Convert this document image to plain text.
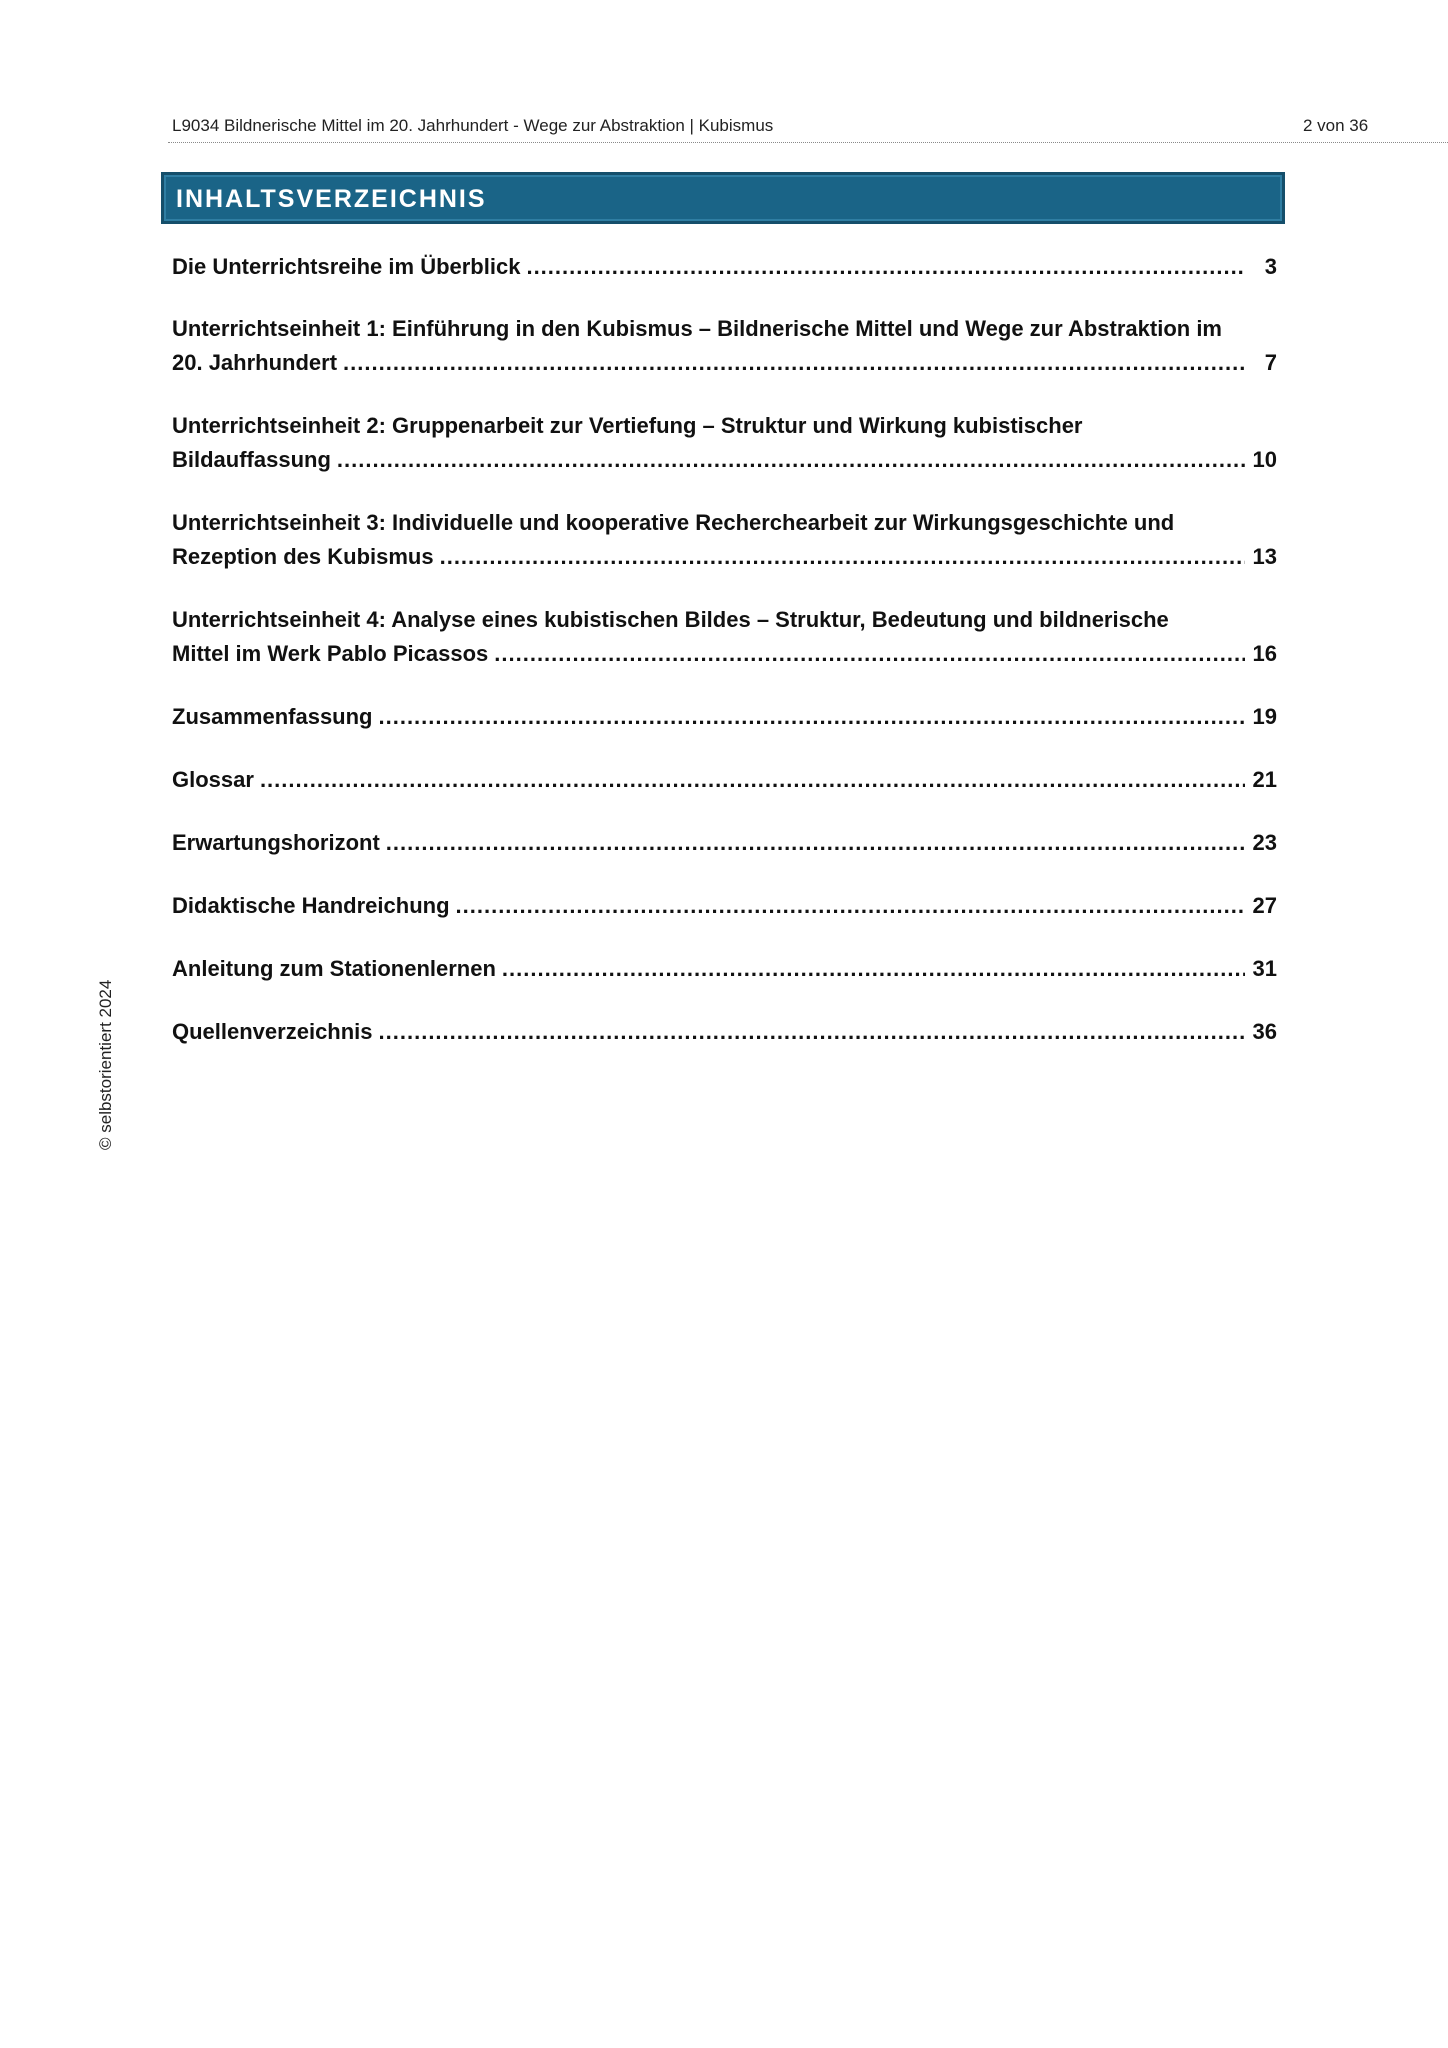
L9034 Bildnerische Mittel im 20. Jahrhundert - Wege zur Abstraktion | Kubismus	2 von 36
INHALTSVERZEICHNIS
Die Unterrichtsreihe im Überblick .....	3
Unterrichtseinheit 1: Einführung in den Kubismus – Bildnerische Mittel und Wege zur Abstraktion im
20. Jahrhundert .....	7
Unterrichtseinheit 2: Gruppenarbeit zur Vertiefung – Struktur und Wirkung kubistischer
Bildauffassung .....	10
Unterrichtseinheit 3: Individuelle und kooperative Recherchearbeit zur Wirkungsgeschichte und
Rezeption des Kubismus .....	13
Unterrichtseinheit 4: Analyse eines kubistischen Bildes – Struktur, Bedeutung und bildnerische
Mittel im Werk Pablo Picassos .....	16
Zusammenfassung .....	19
Glossar .....	21
Erwartungshorizont .....	23
Didaktische Handreichung .....	27
Anleitung zum Stationenlernen .....	31
Quellenverzeichnis .....	36
© selbstorientiert 2024
